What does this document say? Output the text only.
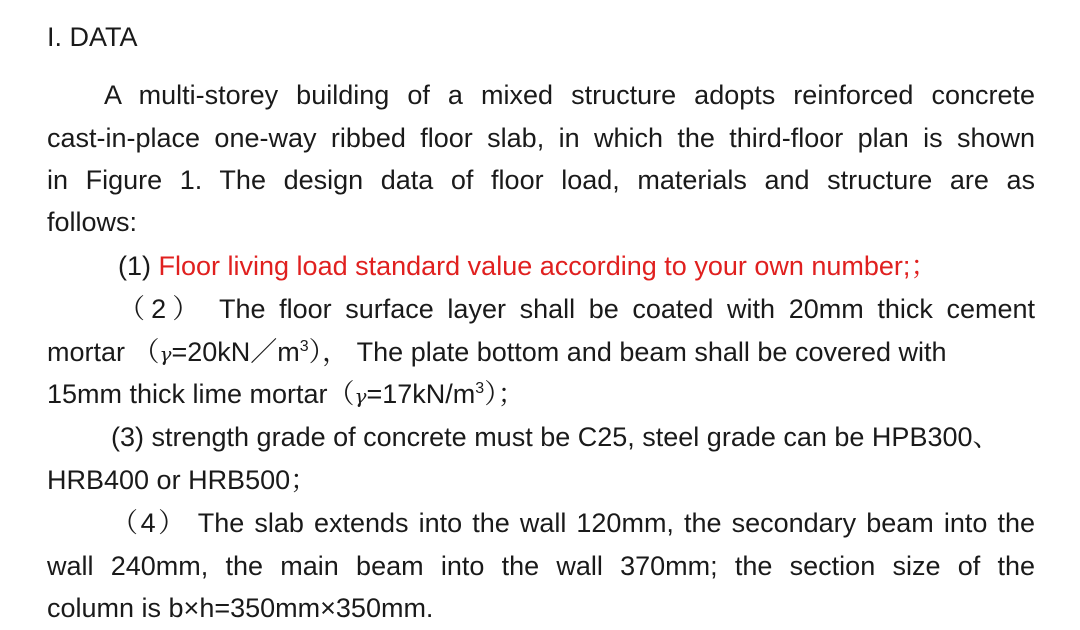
I. DATA
A multi-storey building of a mixed structure adopts reinforced concrete
cast-in-place one-way ribbed floor slab, in which the third-floor plan is shown
in Figure 1. The design data of floor load, materials and structure are as
follows:
(1) Floor living load standard value according to your own number;；
（2） The floor surface layer shall be coated with 20mm thick cement
mortar $(\gamma=20kN/m^3)$， The plate bottom and beam shall be covered with
15mm thick lime $mortar(\gamma=17kN/m^3)$；
(3) strength grade of concrete must be C25, steel grade can be HPB300、
HRB400 or HRB500；
（4） The slab extends into the wall 120mm, the secondary beam into the
wall 240mm, the main beam into the wall 370mm; the section size of the
column is b×h=350mm×350mm.
